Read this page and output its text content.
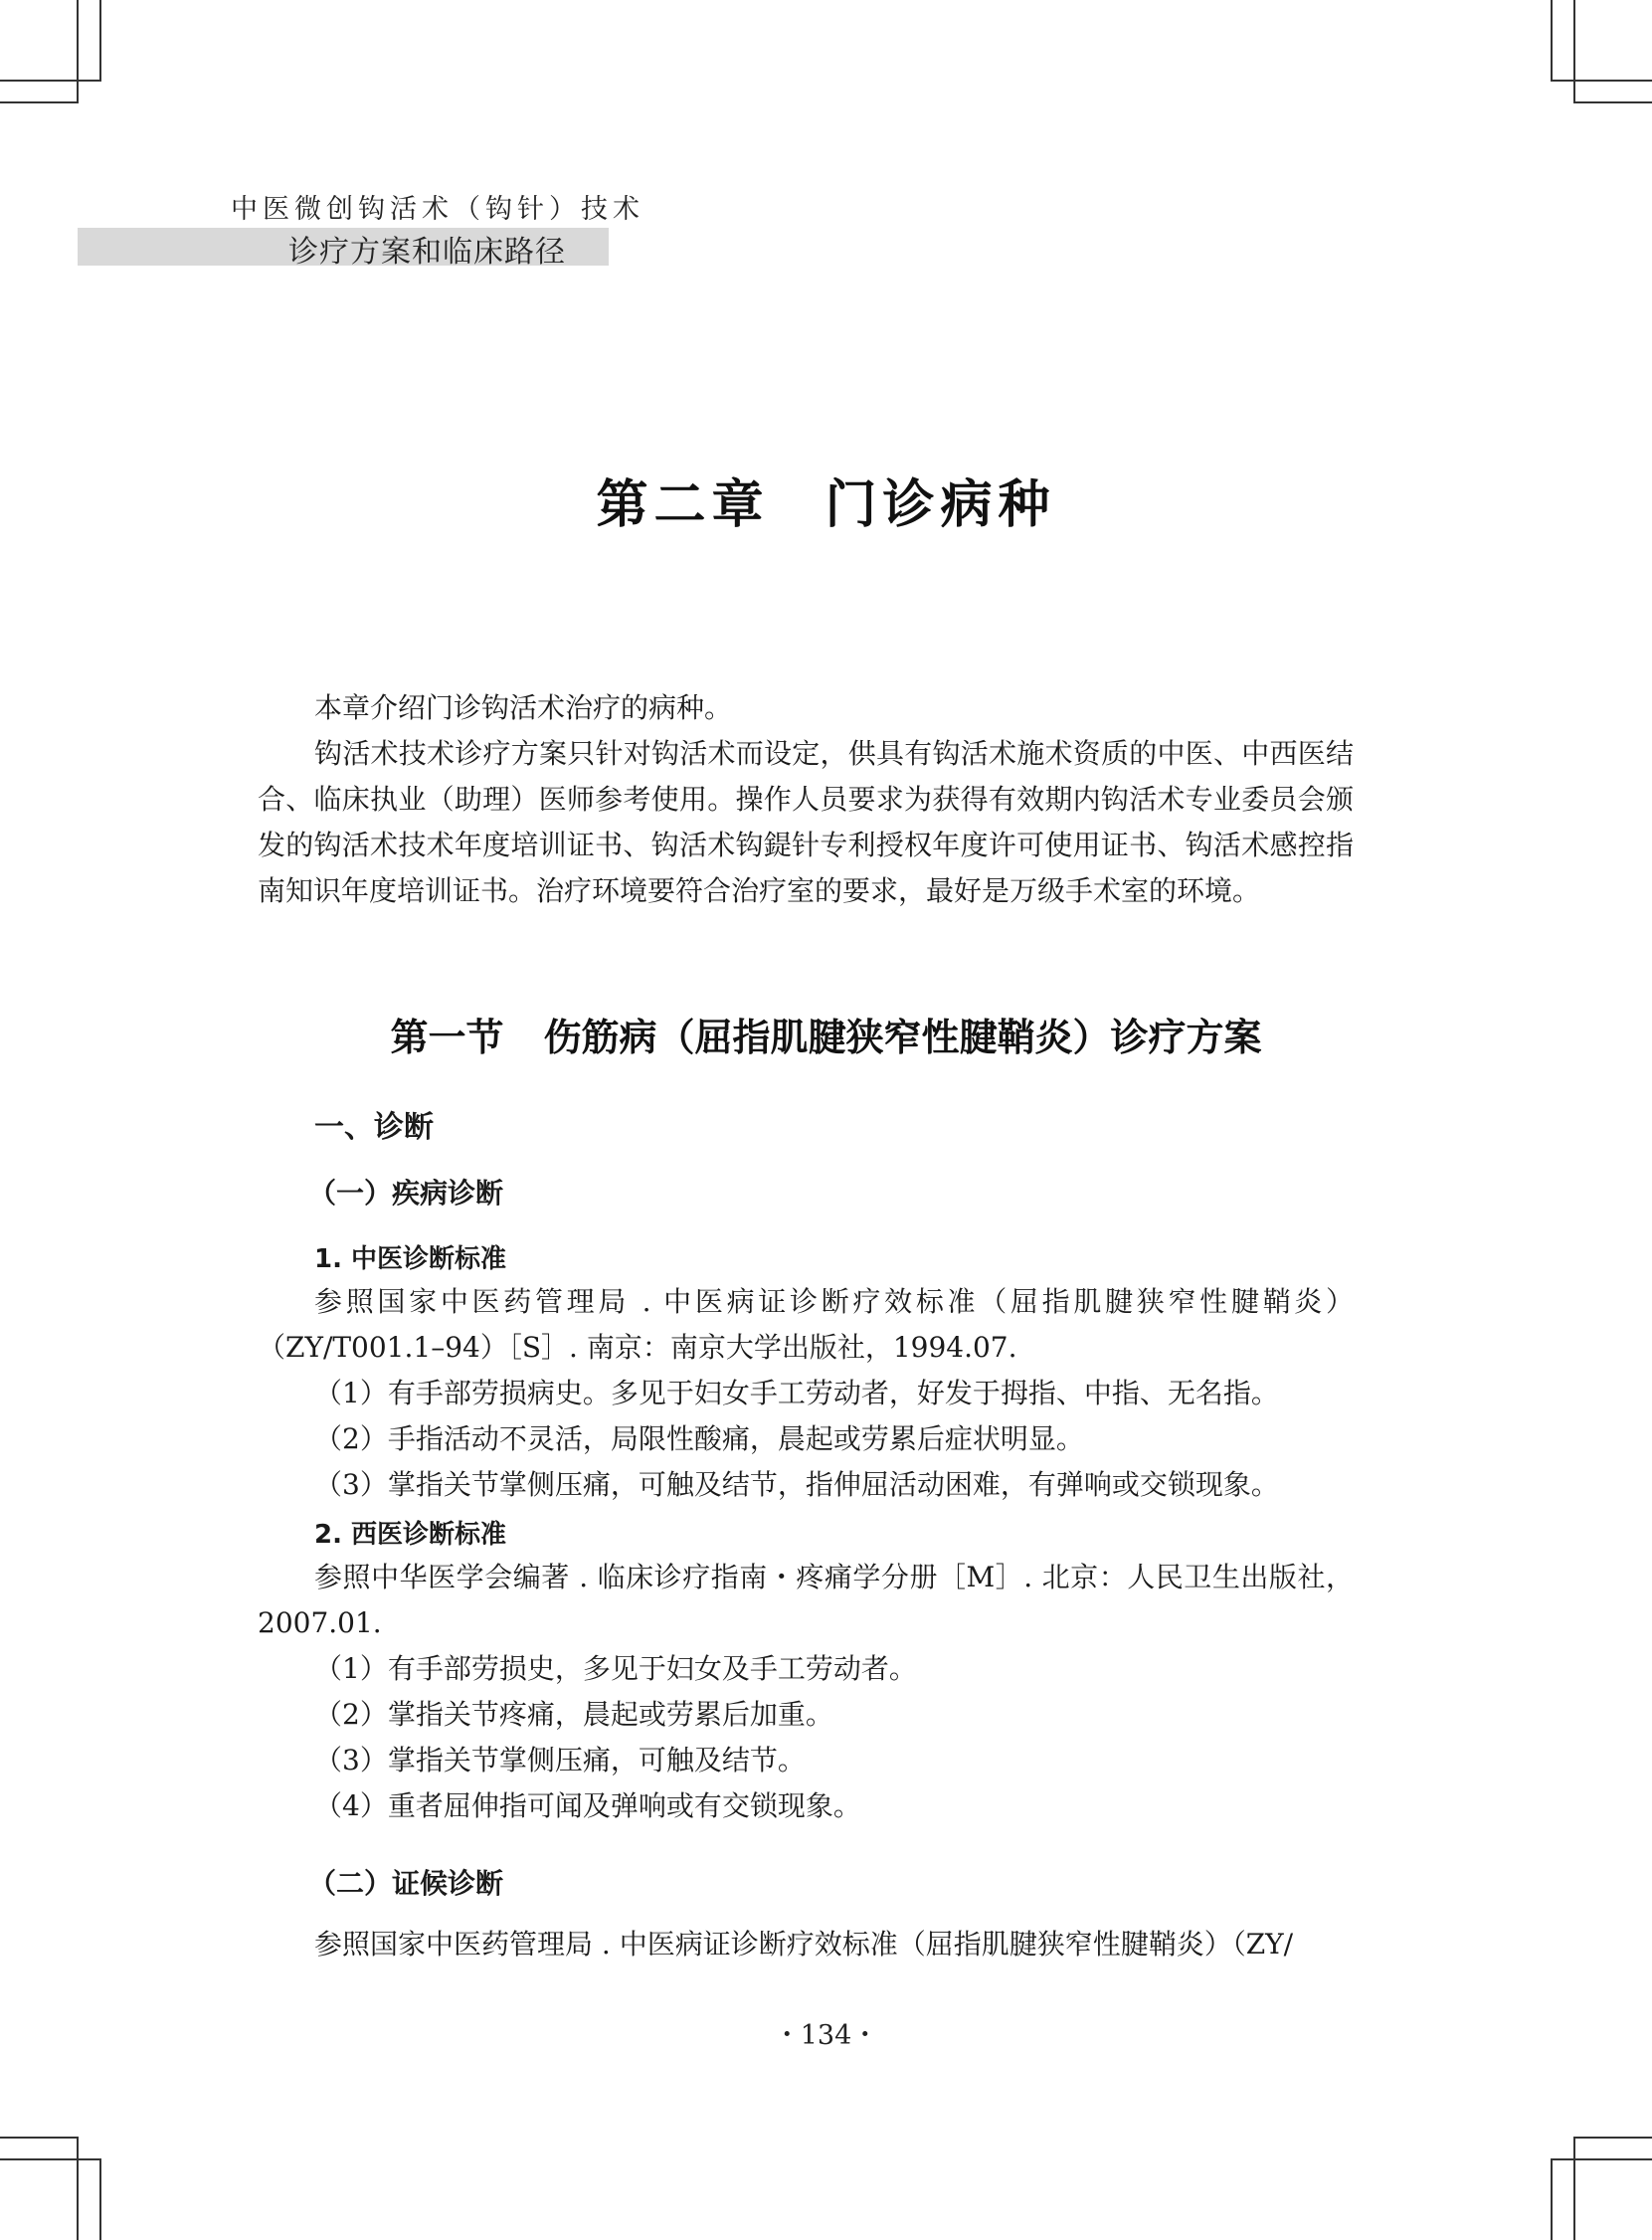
中医微创钩活术（钩针）技术
诊疗方案和临床路径
第二章 门诊病种

本章介绍门诊钩活术治疗的病种。

钩活术技术诊疗方案只针对钩活术而设定，供具有钩活术施术资质的中医、中西医结合、临床执业（助理）医师参考使用。操作人员要求为获得有效期内钩活术专业委员会颁发的钩活术技术年度培训证书、钩活术钩鍉针专利授权年度许可使用证书、钩活术感控指南知识年度培训证书。治疗环境要符合治疗室的要求，最好是万级手术室的环境。

第一节 伤筋病（屈指肌腱狭窄性腱鞘炎）诊疗方案
一、诊断
（一）疾病诊断
1. 中医诊断标准

参照国家中医药管理局 . 中医病证诊断疗效标准（屈指肌腱狭窄性腱鞘炎）（ZY/T001.1–94）［S］. 南京：南京大学出版社，1994.07.

（1）有手部劳损病史。多见于妇女手工劳动者，好发于拇指、中指、无名指。

（2）手指活动不灵活，局限性酸痛，晨起或劳累后症状明显。

（3）掌指关节掌侧压痛，可触及结节，指伸屈活动困难，有弹响或交锁现象。

2. 西医诊断标准

参照中华医学会编著 . 临床诊疗指南・疼痛学分册［M］. 北京：人民卫生出版社，2007.01.

（1）有手部劳损史，多见于妇女及手工劳动者。

（2）掌指关节疼痛，晨起或劳累后加重。

（3）掌指关节掌侧压痛，可触及结节。

（4）重者屈伸指可闻及弹响或有交锁现象。

（二）证候诊断

参照国家中医药管理局 . 中医病证诊断疗效标准（屈指肌腱狭窄性腱鞘炎）（ZY/

・134・
